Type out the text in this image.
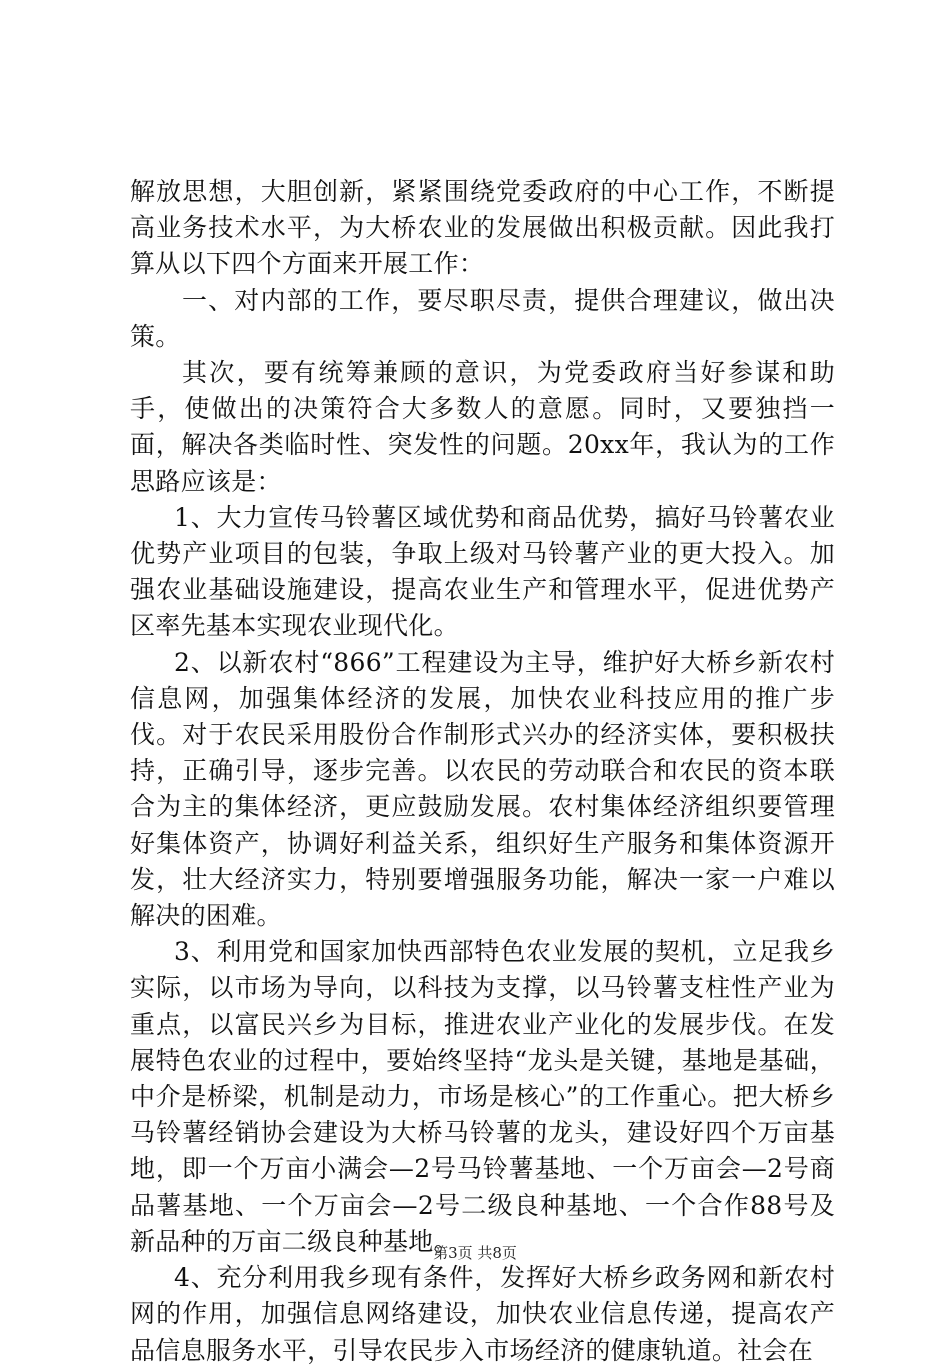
解放思想，大胆创新，紧紧围绕党委政府的中心工作，不断提高业务技术水平，为大桥农业的发展做出积极贡献。因此我打算从以下四个方面来开展工作：

一、对内部的工作，要尽职尽责，提供合理建议，做出决策。

其次，要有统筹兼顾的意识，为党委政府当好参谋和助手，使做出的决策符合大多数人的意愿。同时，又要独挡一面，解决各类临时性、突发性的问题。20xx年，我认为的工作思路应该是：

1、大力宣传马铃薯区域优势和商品优势，搞好马铃薯农业优势产业项目的包装，争取上级对马铃薯产业的更大投入。加强农业基础设施建设，提高农业生产和管理水平，促进优势产区率先基本实现农业现代化。

2、以新农村“866”工程建设为主导，维护好大桥乡新农村信息网，加强集体经济的发展，加快农业科技应用的推广步伐。对于农民采用股份合作制形式兴办的经济实体，要积极扶持，正确引导，逐步完善。以农民的劳动联合和农民的资本联合为主的集体经济，更应鼓励发展。农村集体经济组织要管理好集体资产，协调好利益关系，组织好生产服务和集体资源开发，壮大经济实力，特别要增强服务功能，解决一家一户难以解决的困难。

3、利用党和国家加快西部特色农业发展的契机，立足我乡实际，以市场为导向，以科技为支撑，以马铃薯支柱性产业为重点，以富民兴乡为目标，推进农业产业化的发展步伐。在发展特色农业的过程中，要始终坚持“龙头是关键，基地是基础，中介是桥梁，机制是动力，市场是核心”的工作重心。把大桥乡马铃薯经销协会建设为大桥马铃薯的龙头，建设好四个万亩基地，即一个万亩小满会—2号马铃薯基地、一个万亩会—2号商品薯基地、一个万亩会—2号二级良种基地、一个合作88号及新品种的万亩二级良种基地。

4、充分利用我乡现有条件，发挥好大桥乡政务网和新农村网的作用，加强信息网络建设，加快农业信息传递，提高农产品信息服务水平，引导农民步入市场经济的健康轨道。社会在

第3页 共8页
